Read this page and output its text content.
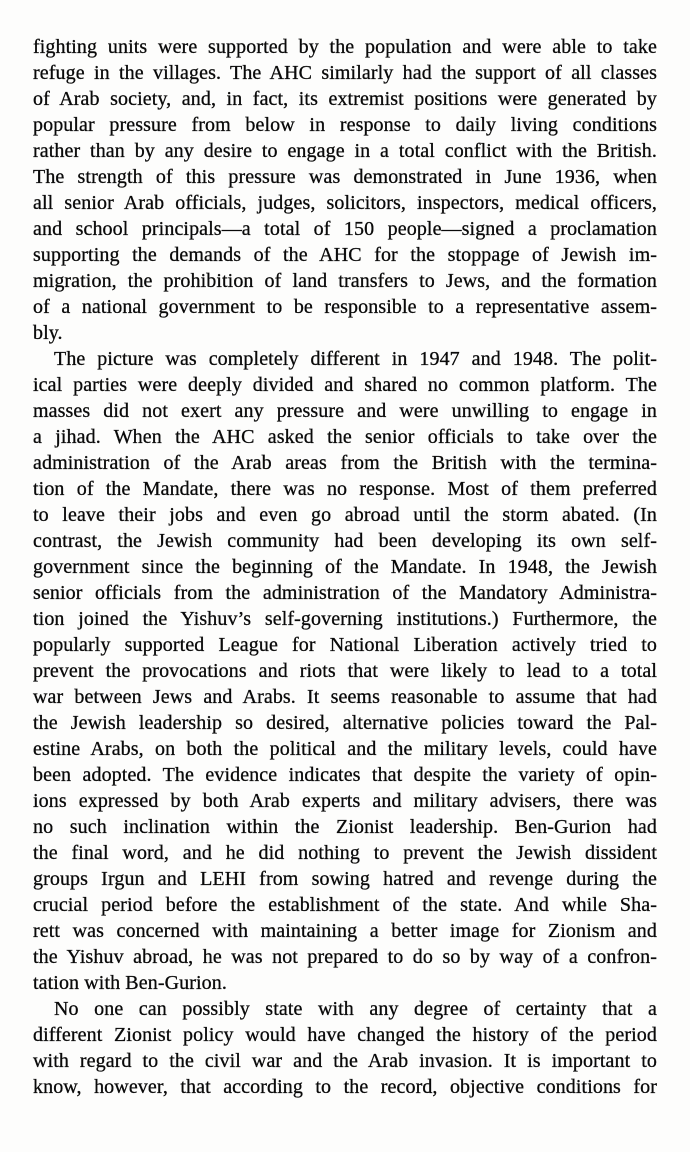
fighting units were supported by the population and were able to take
refuge in the villages. The AHC similarly had the support of all classes
of Arab society, and, in fact, its extremist positions were generated by
popular pressure from below in response to daily living conditions
rather than by any desire to engage in a total conflict with the British.
The strength of this pressure was demonstrated in June 1936, when
all senior Arab officials, judges, solicitors, inspectors, medical officers,
and school principals—a total of 150 people—signed a proclamation
supporting the demands of the AHC for the stoppage of Jewish im-
migration, the prohibition of land transfers to Jews, and the formation
of a national government to be responsible to a representative assem-
bly.
The picture was completely different in 1947 and 1948. The polit-
ical parties were deeply divided and shared no common platform. The
masses did not exert any pressure and were unwilling to engage in
a jihad. When the AHC asked the senior officials to take over the
administration of the Arab areas from the British with the termina-
tion of the Mandate, there was no response. Most of them preferred
to leave their jobs and even go abroad until the storm abated. (In
contrast, the Jewish community had been developing its own self-
government since the beginning of the Mandate. In 1948, the Jewish
senior officials from the administration of the Mandatory Administra-
tion joined the Yishuv’s self-governing institutions.) Furthermore, the
popularly supported League for National Liberation actively tried to
prevent the provocations and riots that were likely to lead to a total
war between Jews and Arabs. It seems reasonable to assume that had
the Jewish leadership so desired, alternative policies toward the Pal-
estine Arabs, on both the political and the military levels, could have
been adopted. The evidence indicates that despite the variety of opin-
ions expressed by both Arab experts and military advisers, there was
no such inclination within the Zionist leadership. Ben-Gurion had
the final word, and he did nothing to prevent the Jewish dissident
groups Irgun and LEHI from sowing hatred and revenge during the
crucial period before the establishment of the state. And while Sha-
rett was concerned with maintaining a better image for Zionism and
the Yishuv abroad, he was not prepared to do so by way of a confron-
tation with Ben-Gurion.
No one can possibly state with any degree of certainty that a
different Zionist policy would have changed the history of the period
with regard to the civil war and the Arab invasion. It is important to
know, however, that according to the record, objective conditions for
